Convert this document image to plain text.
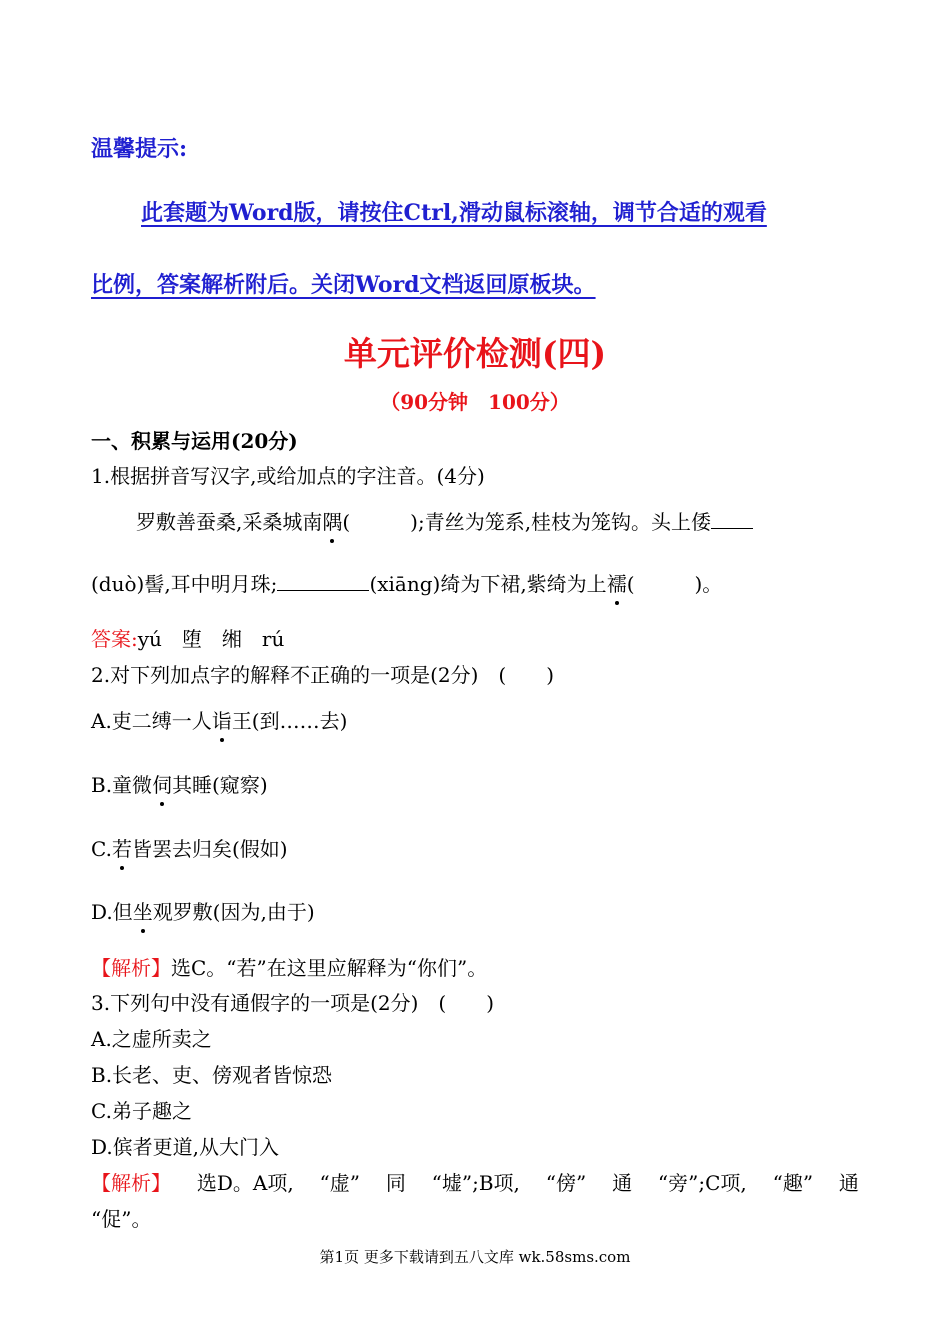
温馨提示:
此套题为Word版，请按住Ctrl,滑动鼠标滚轴，调节合适的观看
比例，答案解析附后。关闭Word文档返回原板块。
单元评价检测(四)
（90分钟　100分）
一、积累与运用(20分)
1.根据拼音写汉字,或给加点的字注音。(4分)
罗敷善蚕桑,采桑城南隅(　　　);青丝为笼系,桂枝为笼钩。头上倭
(duò)髻,耳中明月珠;	(xiāng)绮为下裙,紫绮为上襦(　　　)。
答案:yú　堕　缃　rú
2.对下列加点字的解释不正确的一项是(2分)　(　　)
A.吏二缚一人诣王(到……去)
B.童微伺其睡(窥察)
C.若皆罢去归矣(假如)
D.但坐观罗敷(因为,由于)
【解析】选C。“若”在这里应解释为“你们”。
3.下列句中没有通假字的一项是(2分)　(　　)
A.之虚所卖之
B.长老、吏、傍观者皆惊恐
C.弟子趣之
D.傧者更道,从大门入
【解析】 选D。A项, “虚” 同 “墟”;B项, “傍” 通 “旁”;C项, “趣” 通
“促”。
第1页 更多下载请到五八文库 wk.58sms.com
